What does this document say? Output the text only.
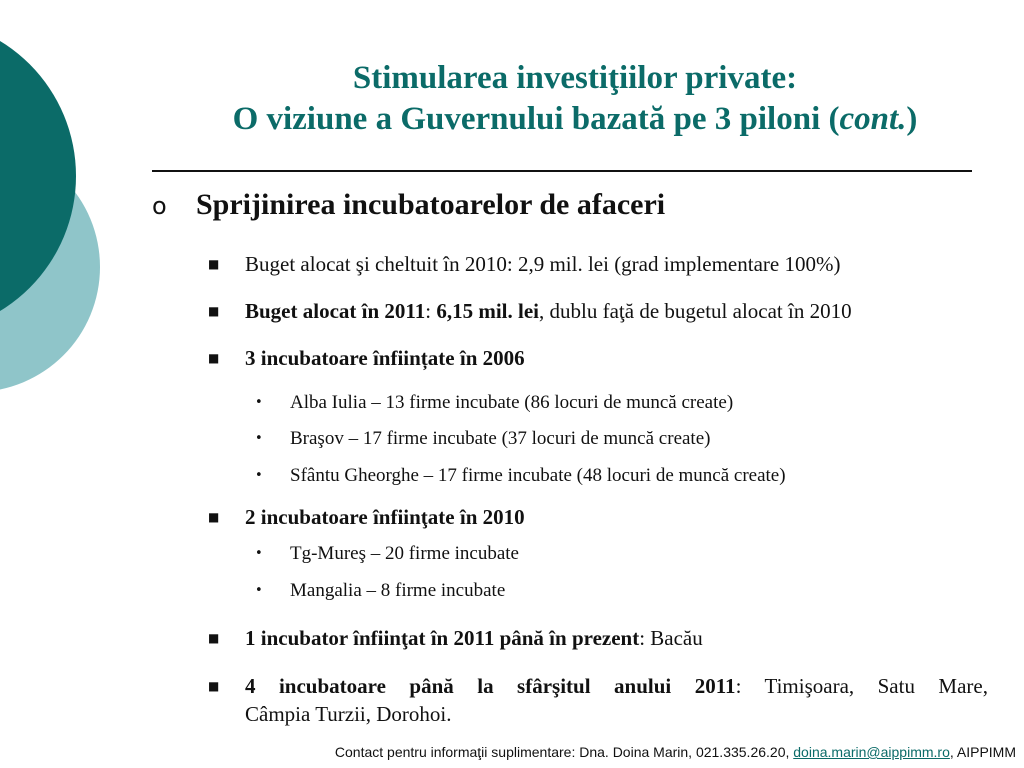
Stimularea investiţiilor private:
O viziune a Guvernului bazată pe 3 piloni (cont.)
o Sprijinirea incubatoarelor de afaceri
■ Buget alocat şi cheltuit în 2010: 2,9 mil. lei (grad implementare 100%)
■ Buget alocat în 2011: 6,15 mil. lei, dublu faţă de bugetul alocat în 2010
■ 3 incubatoare înființate în 2006
• Alba Iulia – 13 firme incubate (86 locuri de muncă create)
• Braşov – 17 firme incubate (37 locuri de muncă create)
• Sfântu Gheorghe – 17 firme incubate (48 locuri de muncă create)
■ 2 incubatoare înfiinţate în 2010
• Tg-Mureş – 20 firme incubate
• Mangalia – 8 firme incubate
■ 1 incubator înfiinţat în 2011 până în prezent: Bacău
■ 4 incubatoare până la sfârşitul anului 2011: Timişoara, Satu Mare,
Câmpia Turzii, Dorohoi.
Contact pentru informaţii suplimentare: Dna. Doina Marin, 021.335.26.20, doina.marin@aippimm.ro, AIPPIMM
